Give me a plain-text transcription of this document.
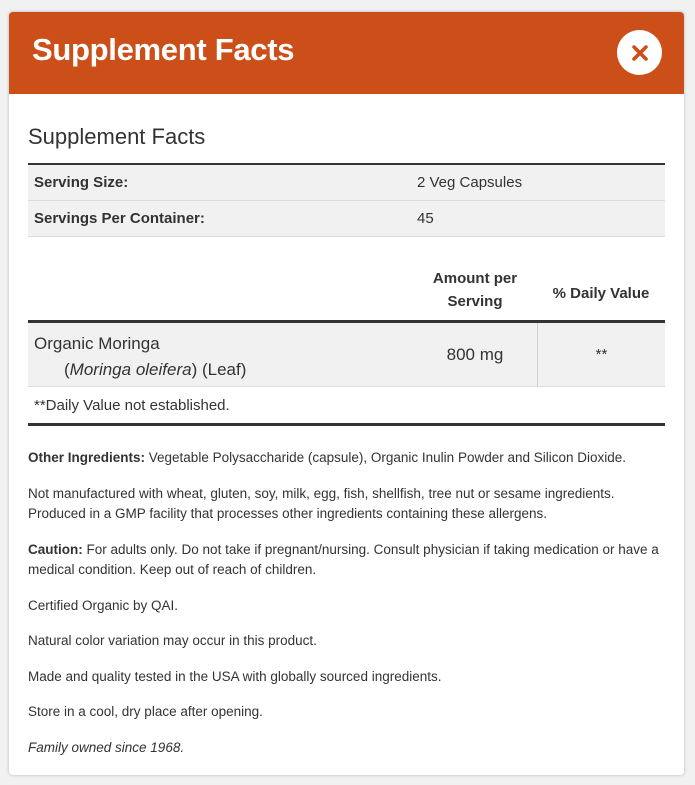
Supplement Facts
Supplement Facts
Serving Size:	2 Veg Capsules
Servings Per Container:	45
Amount per Serving	% Daily Value
Organic Moringa
(Moringa oleifera) (Leaf)
800 mg	**
**Daily Value not established.

Other Ingredients: Vegetable Polysaccharide (capsule), Organic Inulin Powder and Silicon Dioxide.

Not manufactured with wheat, gluten, soy, milk, egg, fish, shellfish, tree nut or sesame ingredients. Produced in a GMP facility that processes other ingredients containing these allergens.

Caution: For adults only. Do not take if pregnant/nursing. Consult physician if taking medication or have a medical condition. Keep out of reach of children.

Certified Organic by QAI.

Natural color variation may occur in this product.

Made and quality tested in the USA with globally sourced ingredients.

Store in a cool, dry place after opening.

Family owned since 1968.
